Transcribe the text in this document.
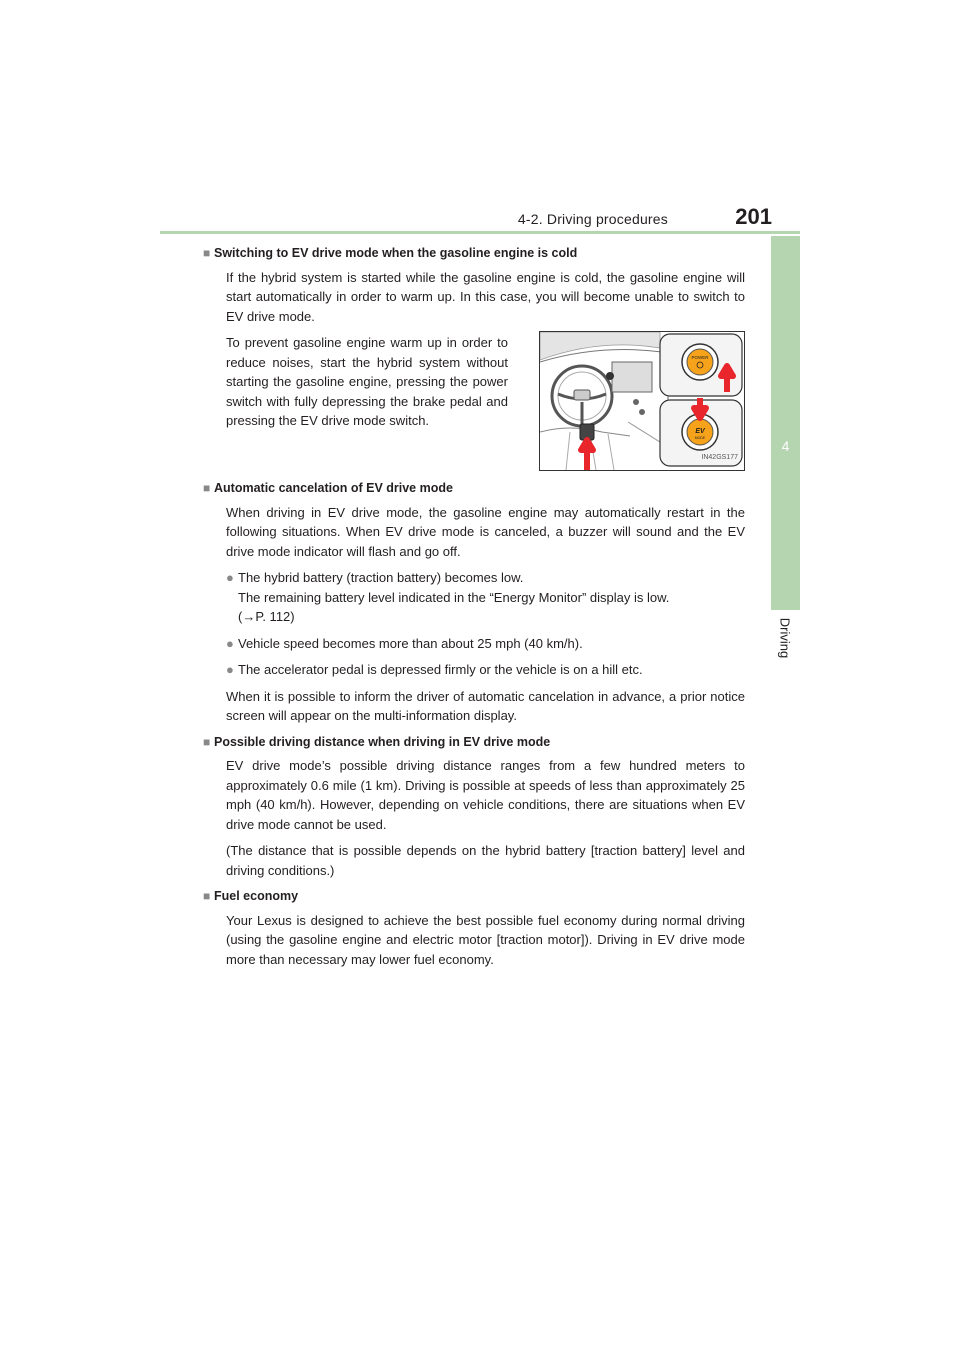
4-2. Driving procedures	201
4
Driving
■ Switching to EV drive mode when the gasoline engine is cold

If the hybrid system is started while the gasoline engine is cold, the gasoline engine will start automatically in order to warm up. In this case, you will become unable to switch to EV drive mode.

To prevent gasoline engine warm up in order to reduce noises, start the hybrid system without starting the gasoline engine, pressing the power switch with fully depressing the brake pedal and pressing the EV drive mode switch.

POWER
EV
MODE
IN42GS177
■ Automatic cancelation of EV drive mode

When driving in EV drive mode, the gasoline engine may automatically restart in the following situations. When EV drive mode is canceled, a buzzer will sound and the EV drive mode indicator will flash and go off.

● The hybrid battery (traction battery) becomes low.
The remaining battery level indicated in the “Energy Monitor” display is low.
(→P. 112)
● Vehicle speed becomes more than about 25 mph (40 km/h).
● The accelerator pedal is depressed firmly or the vehicle is on a hill etc.

When it is possible to inform the driver of automatic cancelation in advance, a prior notice screen will appear on the multi-information display.

■ Possible driving distance when driving in EV drive mode

EV drive mode’s possible driving distance ranges from a few hundred meters to approximately 0.6 mile (1 km). Driving is possible at speeds of less than approximately 25 mph (40 km/h). However, depending on vehicle conditions, there are situations when EV drive mode cannot be used.

(The distance that is possible depends on the hybrid battery [traction battery] level and driving conditions.)

■ Fuel economy

Your Lexus is designed to achieve the best possible fuel economy during normal driving (using the gasoline engine and electric motor [traction motor]). Driving in EV drive mode more than necessary may lower fuel economy.
